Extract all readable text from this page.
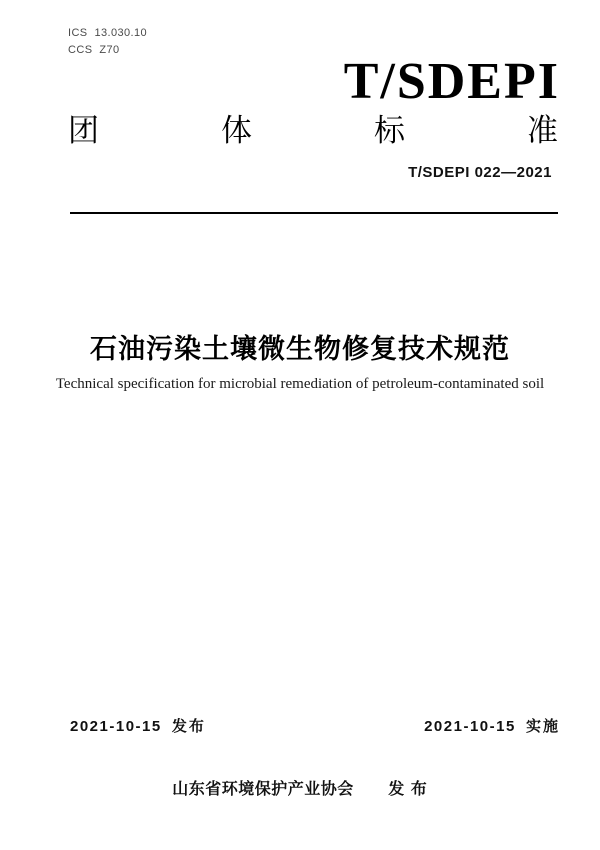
ICS  13.030.10
CCS  Z70
T/SDEPI
团	体	标	准
T/SDEPI 022—2021
石油污染土壤微生物修复技术规范
Technical specification for microbial remediation of petroleum-contaminated soil
2021-10-15 发布	2021-10-15 实施
山东省环境保护产业协会 发 布
